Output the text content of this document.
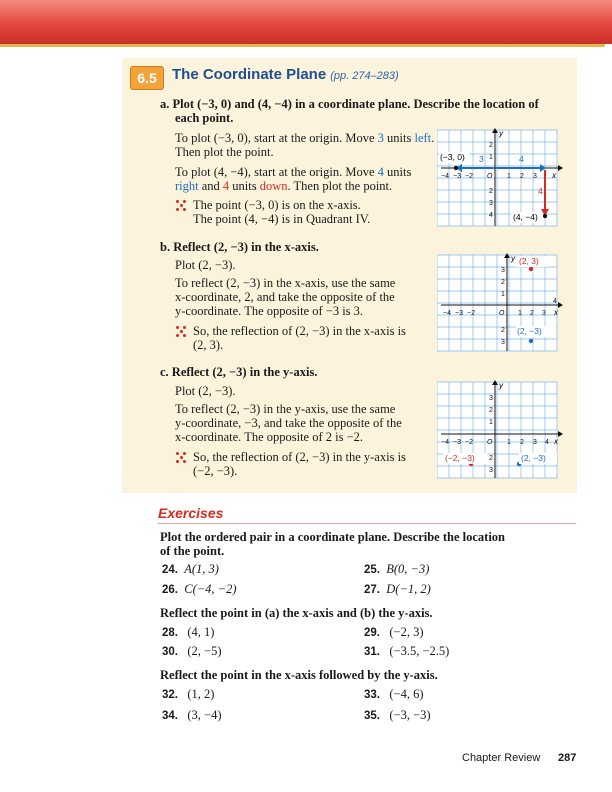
6.5	The Coordinate Plane (pp. 274–283)
a. Plot (−3, 0) and (4, −4) in a coordinate plane. Describe the location of
each point.
To plot (−3, 0), start at the origin. Move 3 units left.
Then plot the point.
To plot (4, −4), start at the origin. Move 4 units
right and 4 units down. Then plot the point.
The point (−3, 0) is on the x-axis.
The point (4, −4) is in Quadrant IV.
b. Reflect (2, −3) in the x-axis.
Plot (2, −3).
To reflect (2, −3) in the x-axis, use the same
x-coordinate, 2, and take the opposite of the
y-coordinate. The opposite of −3 is 3.
So, the reflection of (2, −3) in the x-axis is
(2, 3).
c. Reflect (2, −3) in the y-axis.
Plot (2, −3).
To reflect (2, −3) in the y-axis, use the same
y-coordinate, −3, and take the opposite of the
x-coordinate. The opposite of 2 is −2.
So, the reflection of (2, −3) in the y-axis is
(−2, −3).
x
y
O
−4 −3 −2	1 2 3
2
1
2
3
4
(−3, 0) 3	4
4
(4, −4)
x
y
O
−4 −3 −2	1 2 3
4
3
2
1
2
3
(2, 3)
(2, −3)
x
y
O
−4 −3 −2	1 2 3 4
3
2
1
2
3
(−2, −3)	(2, −3)
Exercises
Plot the ordered pair in a coordinate plane. Describe the location
of the point.
24. A(1, 3)	25. B(0, −3)
26. C(−4, −2)	27. D(−1, 2)
Reflect the point in (a) the x-axis and (b) the y-axis.
28. (4, 1)	29. (−2, 3)
30. (2, −5)	31. (−3.5, −2.5)
Reflect the point in the x-axis followed by the y-axis.
32. (1, 2)	33. (−4, 6)
34. (3, −4)	35. (−3, −3)
Chapter Review 287
